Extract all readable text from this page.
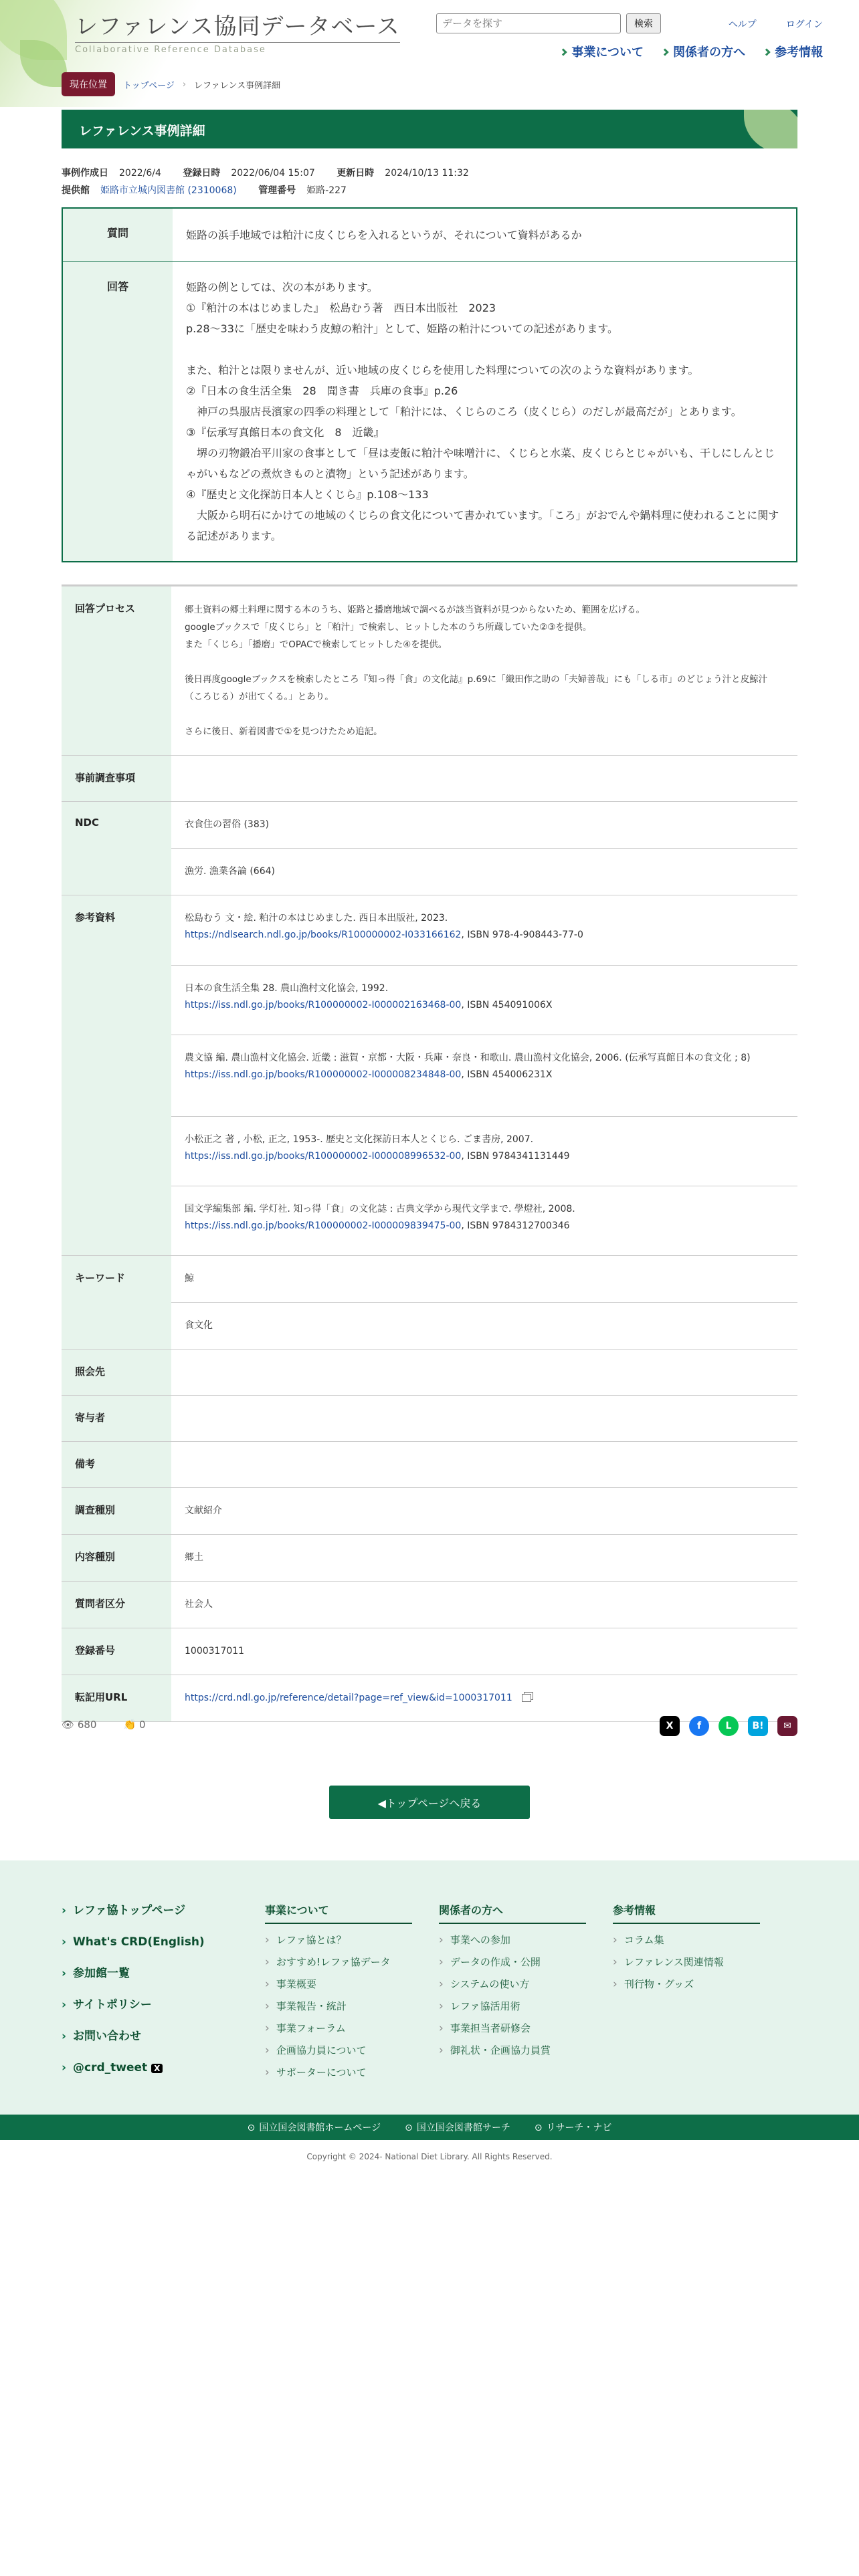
レファレンス協同データベース
Collaborative Reference Database
データを探す
検索	ヘルプ	ログイン
事業について	関係者の方へ	参考情報
現在位置	トップページ › レファレンス事例詳細
レファレンス事例詳細
事例作成日 2022/6/4 登録日時 2022/06/04 15:07 更新日時 2024/10/13 11:32
提供館 姫路市立城内図書館 (2310068) 管理番号 姫路-227
質問	姫路の浜手地域では粕汁に皮くじらを入れるというが、それについて資料があるか
回答	姫路の例としては、次の本があります。
①『粕汁の本はじめました』　松島むう著　西日本出版社　2023
p.28～33に「歴史を味わう皮鯨の粕汁」として、姫路の粕汁についての記述があります。

また、粕汁とは限りませんが、近い地域の皮くじらを使用した料理についての次のような資料があります。
②『日本の食生活全集　28　聞き書　兵庫の食事』p.26
　神戸の呉服店長濱家の四季の料理として「粕汁には、くじらのころ（皮くじら）のだしが最高だが」とあります。
③『伝承写真館日本の食文化　8　近畿』
　堺の刃物鍛冶平川家の食事として「昼は麦飯に粕汁や味噌汁に、くじらと水菜、皮くじらとじゃがいも、干しにしんとじゃがいもなどの煮炊きものと漬物」という記述があります。
④『歴史と文化探訪日本人とくじら』p.108～133
　大阪から明石にかけての地域のくじらの食文化について書かれています。「ころ」がおでんや鍋料理に使われることに関する記述があります。
回答プロセス	郷土資料の郷土料理に関する本のうち、姫路と播磨地域で調べるが該当資料が見つからないため、範囲を広げる。
googleブックスで「皮くじら」と「粕汁」で検索し、ヒットした本のうち所蔵していた②③を提供。
また「くじら」「播磨」でOPACで検索してヒットした④を提供。

後日再度googleブックスを検索したところ『知っ得「食」の文化誌』p.69に「織田作之助の「夫婦善哉」にも「しる市」のどじょう汁と皮鯨汁（ころじる）が出てくる。」とあり。

さらに後日、新着図書で①を見つけたため追記。
事前調査事項
NDC	衣食住の習俗 (383)
漁労. 漁業各論 (664)
参考資料	松島むう 文・絵. 粕汁の本はじめました. 西日本出版社, 2023.
https://ndlsearch.ndl.go.jp/books/R100000002-I033166162, ISBN 978-4-908443-77-0
日本の食生活全集 28. 農山漁村文化協会, 1992.
https://iss.ndl.go.jp/books/R100000002-I000002163468-00, ISBN 454091006X
農文協 編. 農山漁村文化協会. 近畿 : 滋賀・京都・大阪・兵庫・奈良・和歌山. 農山漁村文化協会, 2006. (伝承写真館日本の食文化 ; 8)
https://iss.ndl.go.jp/books/R100000002-I000008234848-00, ISBN 454006231X
小松正之 著 , 小松, 正之, 1953-. 歴史と文化探訪日本人とくじら. ごま書房, 2007.
https://iss.ndl.go.jp/books/R100000002-I000008996532-00, ISBN 9784341131449
国文学編集部 編. 学灯社. 知っ得「食」の文化誌 : 古典文学から現代文学まで. 學燈社, 2008.
https://iss.ndl.go.jp/books/R100000002-I000009839475-00, ISBN 9784312700346
キーワード	鯨
食文化
照会先
寄与者
備考
調査種別	文献紹介
内容種別	郷土
質問者区分	社会人
登録番号	1000317011
転記用URL	https://crd.ndl.go.jp/reference/detail?page=ref_view&id=1000317011
👁 680	👏 0	X	f	L	B!	✉
◀トップページへ戻る
› レファ協トップページ
› What's CRD(English)
› 参加館一覧
› サイトポリシー
› お問い合わせ
› @crd_tweet X
事業について
› レファ協とは？
› おすすめ!レファ協データ
› 事業概要
› 事業報告・統計
› 事業フォーラム
› 企画協力員について
› サポーターについて
関係者の方へ
› 事業への参加
› データの作成・公開
› システムの使い方
› レファ協活用術
› 事業担当者研修会
› 御礼状・企画協力員賞
参考情報
› コラム集
› レファレンス関連情報
› 刊行物・グッズ
⊙ 国立国会図書館ホームページ	⊙ 国立国会図書館サーチ	⊙ リサーチ・ナビ
Copyright © 2024- National Diet Library. All Rights Reserved.
